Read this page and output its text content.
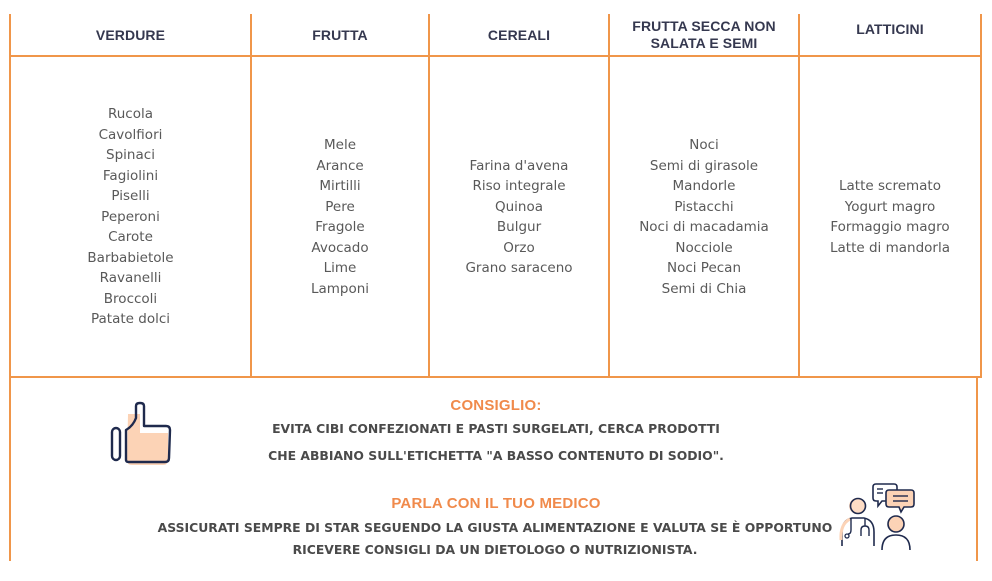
VERDURE	FRUTTA	CEREALI
FRUTTA SECCA NON
SALATA E SEMI
LATTICINI
Rucola
Cavolfiori
Spinaci
Fagiolini
Piselli
Peperoni
Carote
Barbabietole
Ravanelli
Broccoli
Patate dolci
Mele
Arance
Mirtilli
Pere
Fragole
Avocado
Lime
Lamponi
Farina d'avena
Riso integrale
Quinoa
Bulgur
Orzo
Grano saraceno
Noci
Semi di girasole
Mandorle
Pistacchi
Noci di macadamia
Nocciole
Noci Pecan
Semi di Chia
Latte scremato
Yogurt magro
Formaggio magro
Latte di mandorla
CONSIGLIO:
EVITA CIBI CONFEZIONATI E PASTI SURGELATI, CERCA PRODOTTI
CHE ABBIANO SULL'ETICHETTA "A BASSO CONTENUTO DI SODIO".
PARLA CON IL TUO MEDICO
ASSICURATI SEMPRE DI STAR SEGUENDO LA GIUSTA ALIMENTAZIONE E VALUTA SE È OPPORTUNO
RICEVERE CONSIGLI DA UN DIETOLOGO O NUTRIZIONISTA.
